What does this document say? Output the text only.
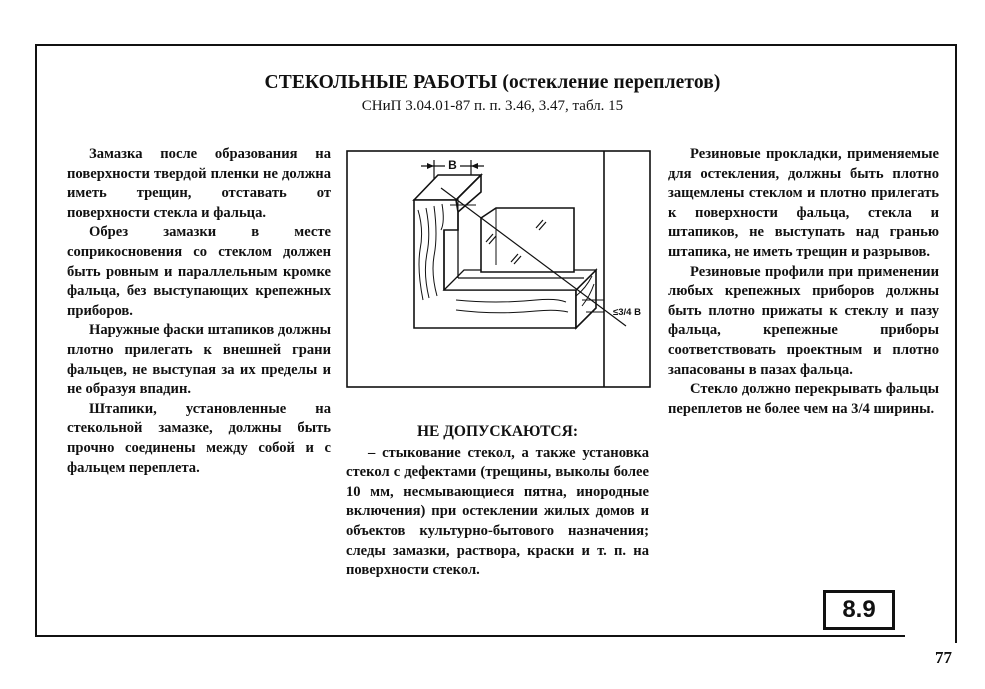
СТЕКОЛЬНЫЕ РАБОТЫ (остекление переплетов)
СНиП 3.04.01-87 п. п. 3.46, 3.47, табл. 15

Замазка после образования на поверхности твердой пленки не должна иметь трещин, отставать от поверхности стекла и фальца.

Обрез замазки в месте соприкосновения со стеклом должен быть ровным и параллельным кромке фальца, без выступающих крепежных приборов.

Наружные фаски штапиков должны плотно прилегать к внешней грани фальцев, не выступая за их пределы и не образуя впадин.

Штапики, установленные на стекольной замазке, должны быть прочно соединены между собой и с фальцем переплета.

B
≤3/4 B

НЕ ДОПУСКАЮТСЯ:

– стыкование стекол, а также установка стекол с дефектами (трещины, выколы более 10 мм, несмывающиеся пятна, инородные включения) при остеклении жилых домов и объектов культурно-бытового назначения; следы замазки, раствора, краски и т. п. на поверхности стекол.

Резиновые прокладки, применяемые для остекления, должны быть плотно защемлены стеклом и плотно прилегать к поверхности фальца, стекла и штапиков, не выступать над гранью штапика, не иметь трещин и разрывов.

Резиновые профили при применении любых крепежных приборов должны быть плотно прижаты к стеклу и пазу фальца, крепежные приборы соответствовать проектным и плотно запасованы в пазах фальца.

Стекло должно перекрывать фальцы переплетов не более чем на 3/4 ширины.

8.9
77
